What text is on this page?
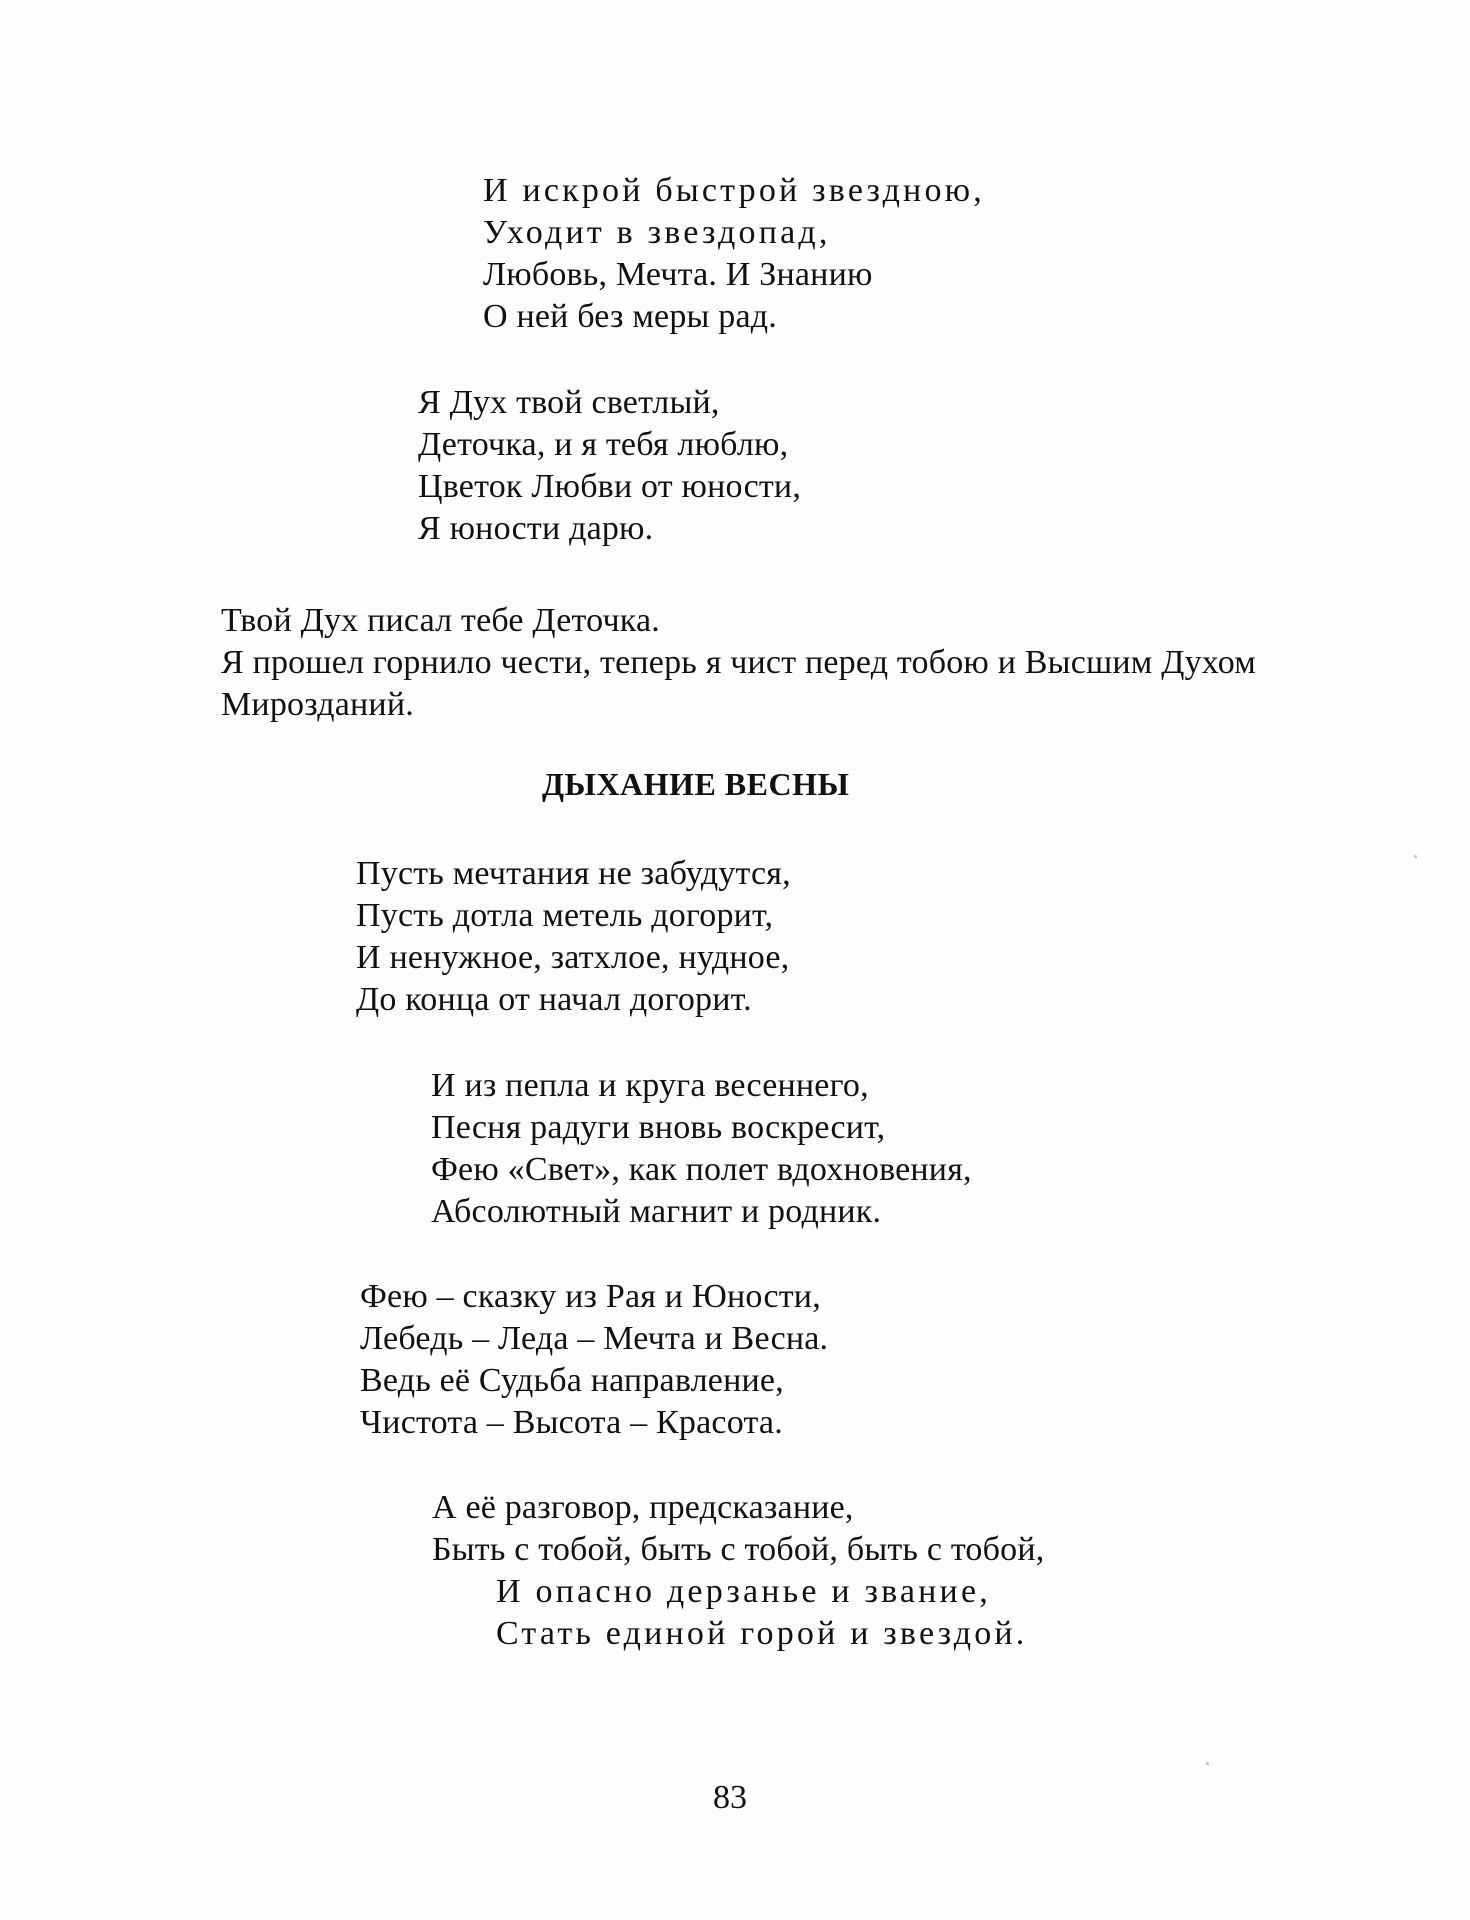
И искрой быстрой звездною,
Уходит в звездопад,
Любовь, Мечта. И Знанию
О ней без меры рад.
Я Дух твой светлый,
Деточка, и я тебя люблю,
Цветок Любви от юности,
Я юности дарю.
Твой Дух писал тебе Деточка.
Я прошел горнило чести, теперь я чист перед тобою и Высшим Духом
Мирозданий.
ДЫХАНИЕ ВЕСНЫ
Пусть мечтания не забудутся,
Пусть дотла метель догорит,
И ненужное, затхлое, нудное,
До конца от начал догорит.
И из пепла и круга весеннего,
Песня радуги вновь воскресит,
Фею «Свет», как полет вдохновения,
Абсолютный магнит и родник.
Фею – сказку из Рая и Юности,
Лебедь – Леда – Мечта и Весна.
Ведь её Судьба направление,
Чистота – Высота – Красота.
А её разговор, предсказание,
Быть с тобой, быть с тобой, быть с тобой,
И опасно дерзанье и звание,
Стать единой горой и звездой.
83
